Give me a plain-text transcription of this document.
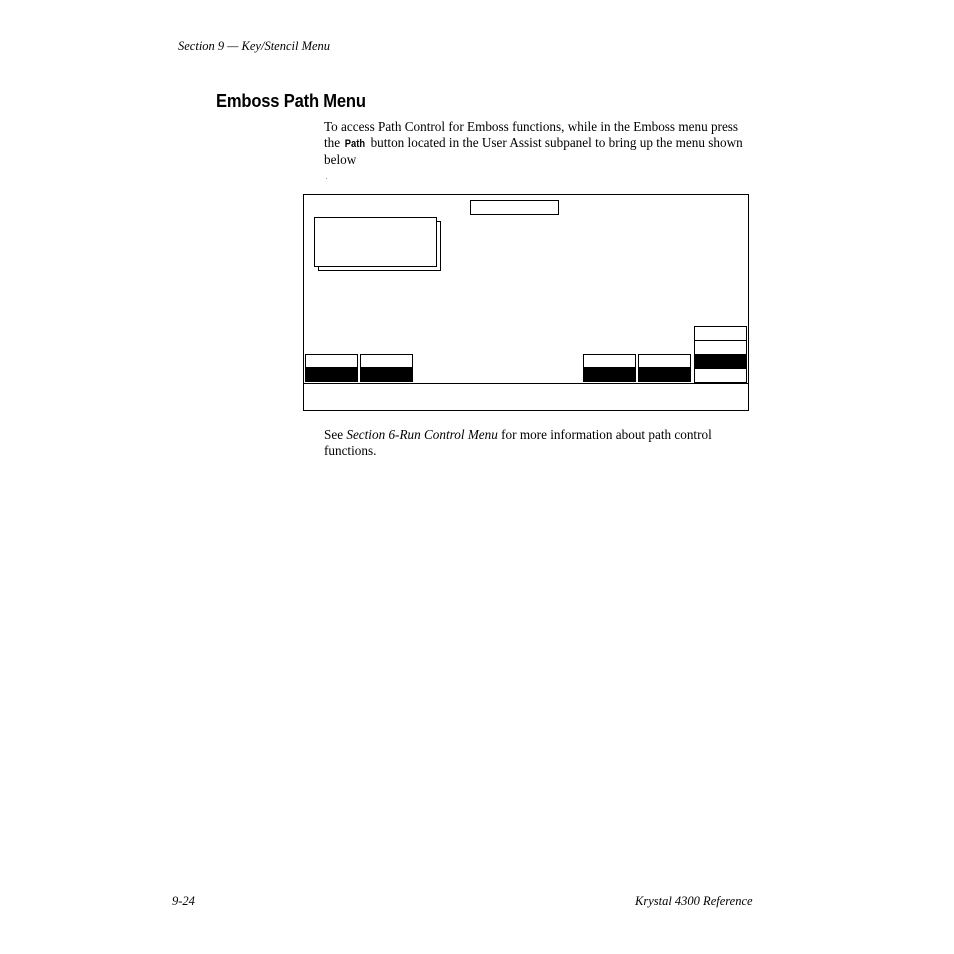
Section 9 — Key/Stencil Menu
Emboss Path Menu
To access Path Control for Emboss functions, while in the Emboss menu press the Path button located in the User Assist subpanel to bring up the menu shown below
See Section 6-Run Control Menu for more information about path control functions.
9-24	Krystal 4300 Reference
